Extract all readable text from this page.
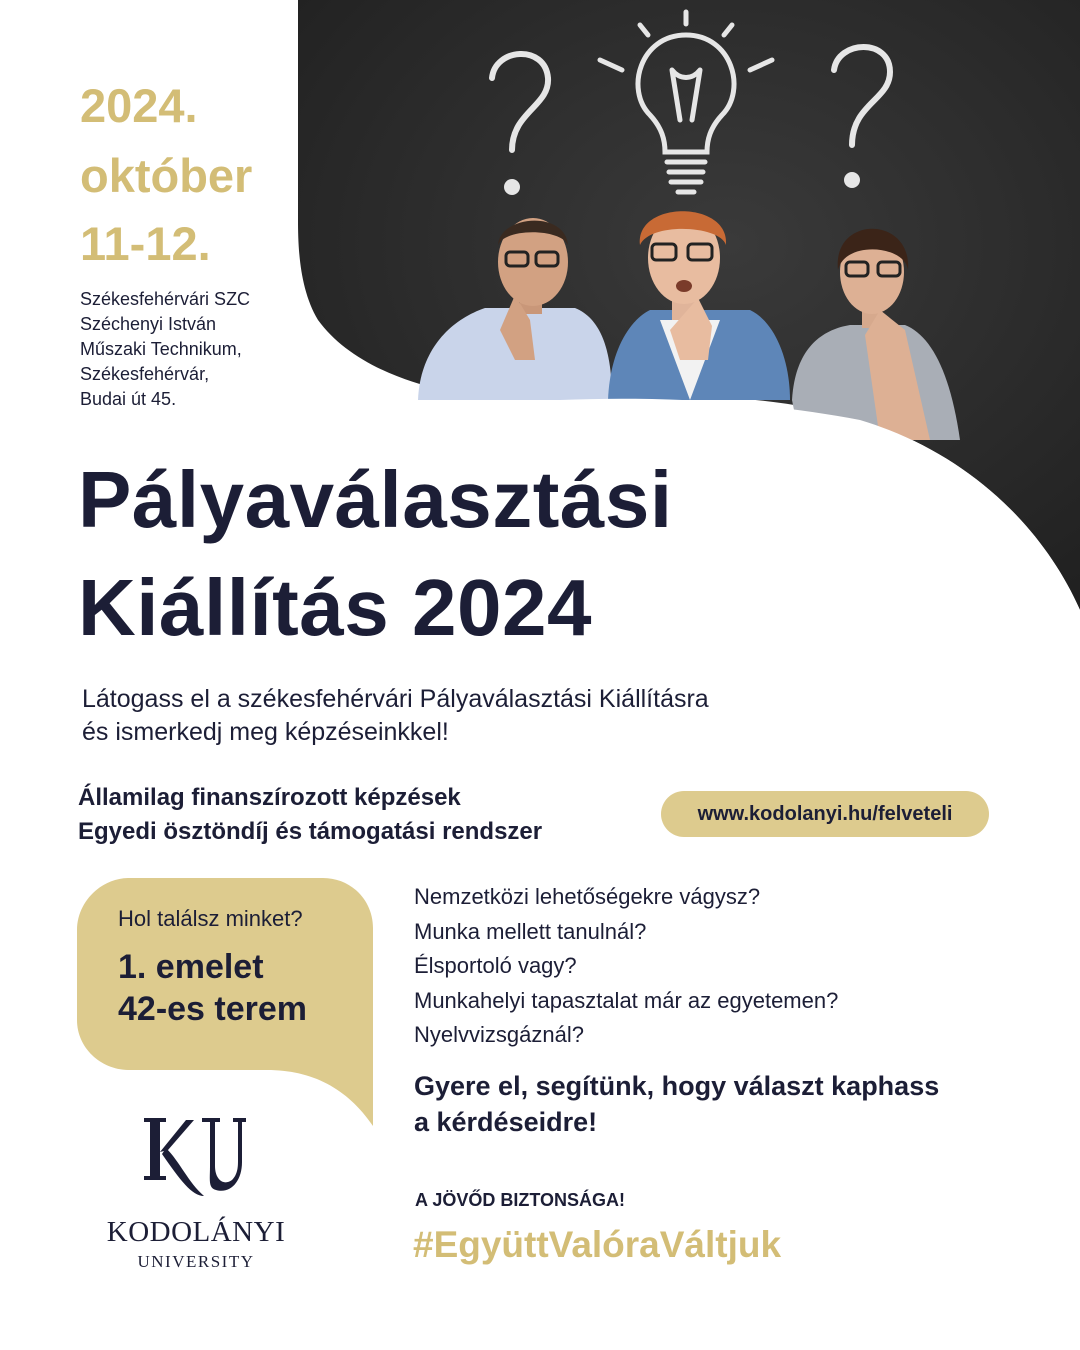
2024.
október
11-12.
Székesfehérvári SZC
Széchenyi István
Műszaki Technikum,
Székesfehérvár,
Budai út 45.
Pályaválasztási
Kiállítás 2024
Látogass el a székesfehérvári Pályaválasztási Kiállításra
és ismerkedj meg képzéseinkkel!
Államilag finanszírozott képzések
Egyedi ösztöndíj és támogatási rendszer
www.kodolanyi.hu/felveteli
Hol találsz minket?
1. emelet
42-es terem
Nemzetközi lehetőségekre vágysz?
Munka mellett tanulnál?
Élsportoló vagy?
Munkahelyi tapasztalat már az egyetemen?
Nyelvvizsgáznál?
Gyere el, segítünk, hogy választ kaphass
a kérdéseidre!
A JÖVŐD BIZTONSÁGA!
#EgyüttValóraVáltjuk
KODOLÁNYI
UNIVERSITY
